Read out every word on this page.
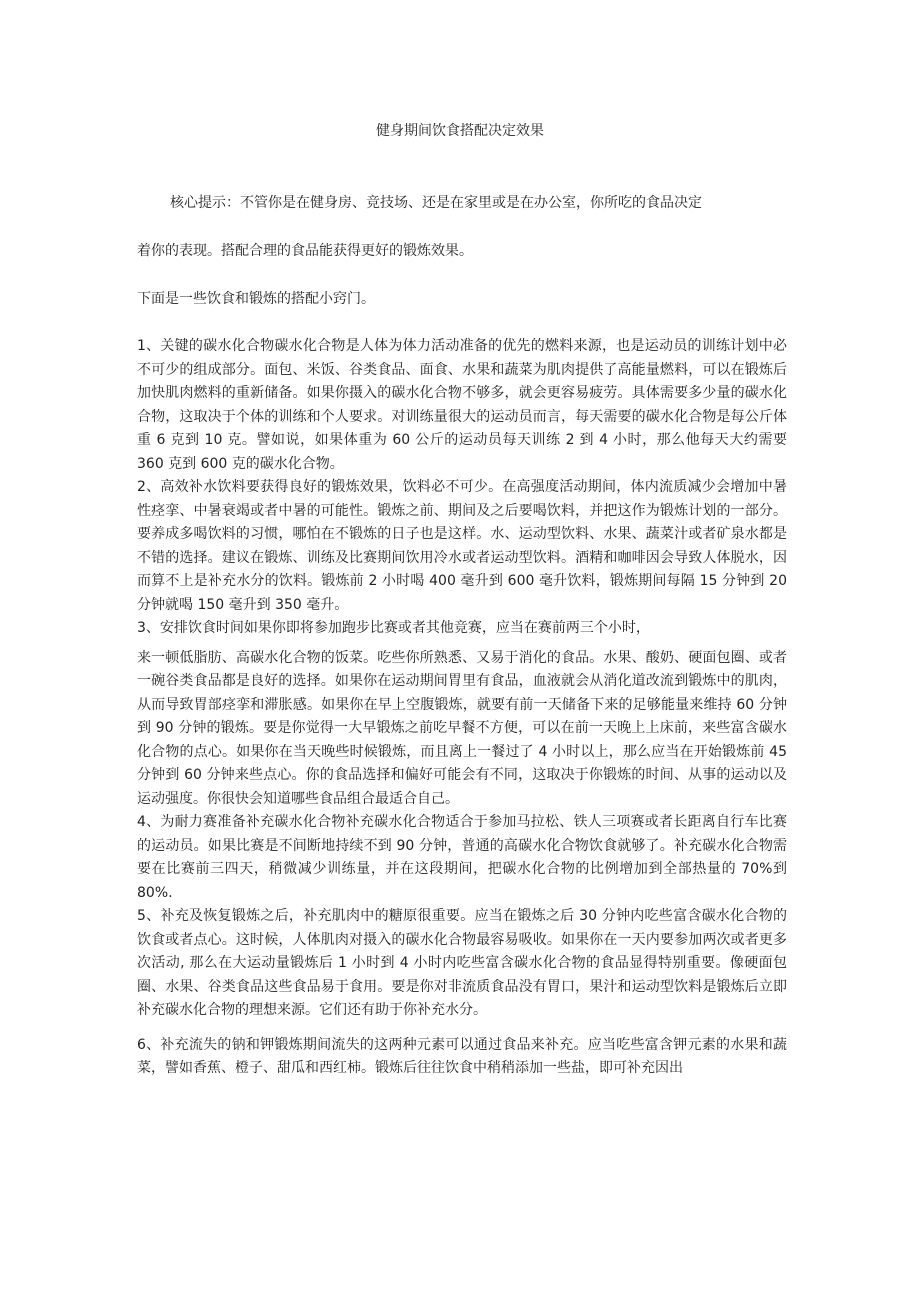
健身期间饮食搭配决定效果

核心提示：不管你是在健身房、竞技场、还是在家里或是在办公室，你所吃的食品决定

着你的表现。搭配合理的食品能获得更好的锻炼效果。

下面是一些饮食和锻炼的搭配小窍门。

1、关键的碳水化合物碳水化合物是人体为体力活动准备的优先的燃料来源，也是运动员的训练计划中必不可少的组成部分。面包、米饭、谷类食品、面食、水果和蔬菜为肌肉提供了高能量燃料，可以在锻炼后加快肌肉燃料的重新储备。如果你摄入的碳水化合物不够多，就会更容易疲劳。具体需要多少量的碳水化合物，这取决于个体的训练和个人要求。对训练量很大的运动员而言，每天需要的碳水化合物是每公斤体重 6 克到 10 克。譬如说，如果体重为 60 公斤的运动员每天训练 2 到 4 小时，那么他每天大约需要 360 克到 600 克的碳水化合物。

2、高效补水饮料要获得良好的锻炼效果，饮料必不可少。在高强度活动期间，体内流质减少会增加中暑性痉挛、中暑衰竭或者中暑的可能性。锻炼之前、期间及之后要喝饮料，并把这作为锻炼计划的一部分。要养成多喝饮料的习惯，哪怕在不锻炼的日子也是这样。水、运动型饮料、水果、蔬菜汁或者矿泉水都是不错的选择。建议在锻炼、训练及比赛期间饮用冷水或者运动型饮料。酒精和咖啡因会导致人体脱水，因而算不上是补充水分的饮料。锻炼前 2 小时喝 400 毫升到 600 毫升饮料，锻炼期间每隔 15 分钟到 20 分钟就喝 150 毫升到 350 毫升。

3、安排饮食时间如果你即将参加跑步比赛或者其他竞赛，应当在赛前两三个小时，

来一顿低脂肪、高碳水化合物的饭菜。吃些你所熟悉、又易于消化的食品。水果、酸奶、硬面包圈、或者一碗谷类食品都是良好的选择。如果你在运动期间胃里有食品，血液就会从消化道改流到锻炼中的肌肉，从而导致胃部痉挛和滞胀感。如果你在早上空腹锻炼，就要有前一天储备下来的足够能量来维持 60 分钟到 90 分钟的锻炼。要是你觉得一大早锻炼之前吃早餐不方便，可以在前一天晚上上床前，来些富含碳水化合物的点心。如果你在当天晚些时候锻炼，而且离上一餐过了 4 小时以上，那么应当在开始锻炼前 45 分钟到 60 分钟来些点心。你的食品选择和偏好可能会有不同，这取决于你锻炼的时间、从事的运动以及运动强度。你很快会知道哪些食品组合最适合自己。

4、为耐力赛准备补充碳水化合物补充碳水化合物适合于参加马拉松、铁人三项赛或者长距离自行车比赛的运动员。如果比赛是不间断地持续不到 90 分钟，普通的高碳水化合物饮食就够了。补充碳水化合物需要在比赛前三四天，稍微减少训练量，并在这段期间，把碳水化合物的比例增加到全部热量的 70%到 80%.

5、补充及恢复锻炼之后，补充肌肉中的糖原很重要。应当在锻炼之后 30 分钟内吃些富含碳水化合物的饮食或者点心。这时候，人体肌肉对摄入的碳水化合物最容易吸收。如果你在一天内要参加两次或者更多次活动, 那么在大运动量锻炼后 1 小时到 4 小时内吃些富含碳水化合物的食品显得特别重要。像硬面包圈、水果、谷类食品这些食品易于食用。要是你对非流质食品没有胃口，果汁和运动型饮料是锻炼后立即补充碳水化合物的理想来源。它们还有助于你补充水分。

6、补充流失的钠和钾锻炼期间流失的这两种元素可以通过食品来补充。应当吃些富含钾元素的水果和蔬菜，譬如香蕉、橙子、甜瓜和西红柿。锻炼后往往饮食中稍稍添加一些盐，即可补充因出
